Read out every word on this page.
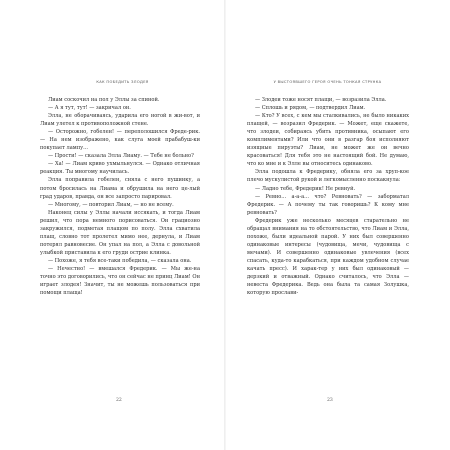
КАК ПОБЕДИТЬ ЗЛОДЕЯ

Лиам соскочил на пол у Эллы за спиной.

— А я тут, тут! — закричал он.

Элла, не оборачиваясь, ударила его ногой в жи-вот, и Лиам улетел к противоположной стене.

— Осторожно, гобелен! — переполошился Фреде-рик. — На нем изображено, как слуга моей прабабуш-ки покупает лампу...

— Прости! — сказала Элла Лиаму. — Тебе не больно?

— Ха! — Лиам криво ухмыльнулся. — Однако отличная реакция. Ты многому научилась.

Элла поправила гобелен, сняла с него пушинку, а потом бросилась на Лиама и обрушила на него це-лый град ударов, правда, он все запросто парировал.

— Многому, — повторил Лиам, — но не всему.

Наконец силы у Эллы начали иссякать, и тогда Лиам решил, что пора немного порисоваться. Он грациозно закружился, подметая плащом по полу. Элла схватила плащ, словно тот пролетел мимо нее, дернула, и Лиам потерял равновесие. Он упал на пол, а Элла с довольной улыбкой приставила к его груди острие клинка.

— Похоже, я тебя все-таки победила, — сказала она.

— Нечестно! — вмешался Фредерик. — Мы же-на точно это договорились, что он сейчас не принц Лиам! Он играет злодея! Значит, ты не можешь пользоваться при помощи плаща!

22
У ВЫСТОЯВШЕГО ГЕРОЯ ОЧЕНЬ ТОНКАЯ СТРУНКА

— Злодеи тоже носят плащи, — возразила Элла.

— Сплошь и рядом, — подтвердил Лиам.

— Кто? У всех, с кем мы сталкивались, не было никаких плащей, — возразил Фредерик. — Может, еще скажете, что злодеи, собираясь убить противника, осыпают его комплиментами? Или что они в разгар боя исполняют изящные пируэты? Лиам, не может же он вечно красоваться! Для тебя это не настоящий бой. Не думаю, что ко мне и к Элле вы относитесь одинаково.

Элла подошла к Фредерику, обняла его за хруп-кое плечо мускулистой рукой и легкомысленно поскакнула:

— Ладно тебе, Фредерик! Не ревнуй.

— Ревно... а-а-а... что? Ревновать? — заборматал Фредерик. — А почему ты так говоришь? К кому мне ревновать?

Фредерик уже несколько месяцев старательно не обращал внимания на то обстоятельство, что Лиам и Элла, похоже, были идеальной парой. У них был совершенно одинаковые интересы (чудовища, мечи, чудовища с мечами). И совершенно одинаковые увлечения (всех спасать, куда-то карабкаться, при каждом удобном случае качать пресс). И харак-тер у них был одинаковый — дерзкий и отважный. Однако считалось, что Элла — невеста Фредерика. Ведь она была та самая Золушка, которую прослави-

23
